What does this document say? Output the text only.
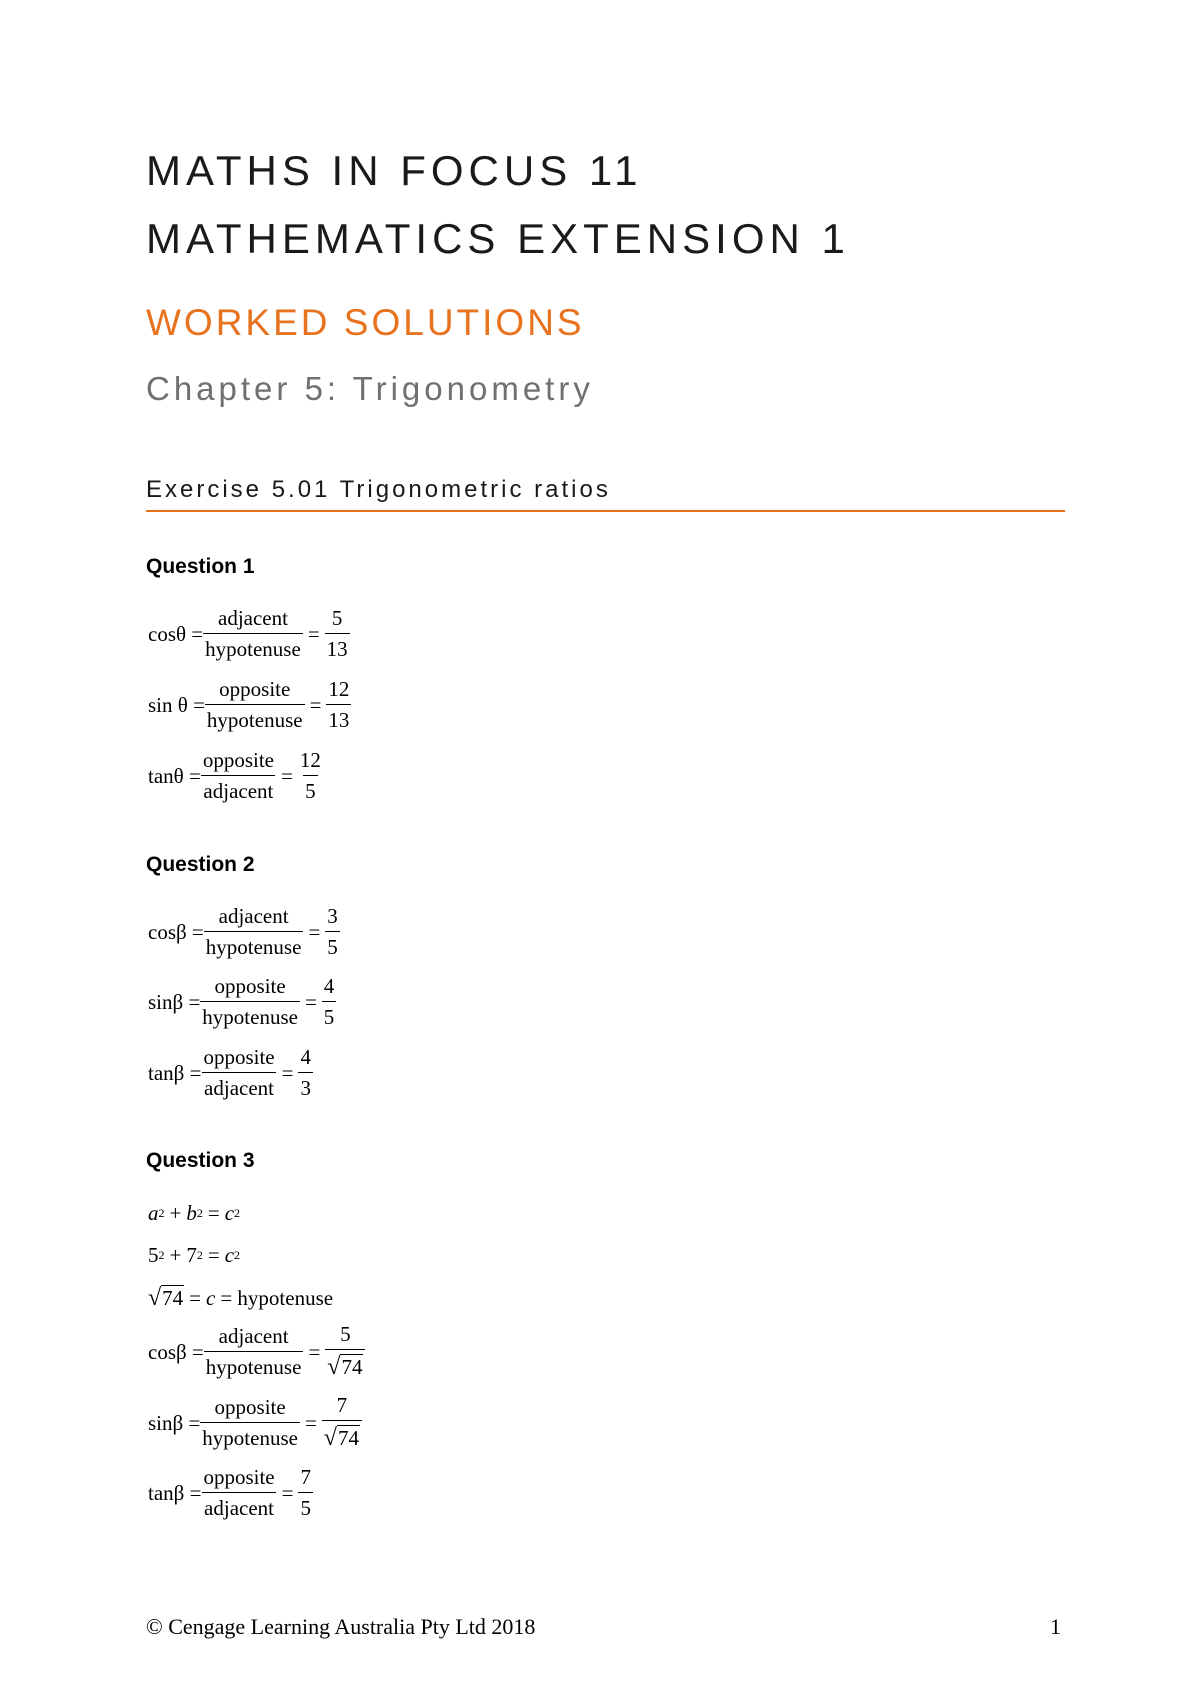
MATHS IN FOCUS 11
MATHEMATICS EXTENSION 1
WORKED SOLUTIONS
Chapter 5: Trigonometry
Exercise 5.01 Trigonometric ratios
Question 1
$\cos\theta = \frac{\text{adjacent}}{\text{hypotenuse}} = \frac{5}{13}$
$\sin \theta = \frac{\text{opposite}}{\text{hypotenuse}} = \frac{12}{13}$
$\tan\theta = \frac{\text{opposite}}{\text{adjacent}} = \frac{12}{5}$
Question 2
$\cos\beta = \frac{\text{adjacent}}{\text{hypotenuse}} = \frac{3}{5}$
$\sin\beta = \frac{\text{opposite}}{\text{hypotenuse}} = \frac{4}{5}$
$\tan\beta = \frac{\text{opposite}}{\text{adjacent}} = \frac{4}{3}$
Question 3
a 2 + b 2 = c 2
5 2 + 7 2 = c 2
√74 = c = hypotenuse
$\cos\beta = \frac{\text{adjacent}}{\text{hypotenuse}} = \frac{5}{√74}$
$\sin\beta = \frac{\text{opposite}}{\text{hypotenuse}} = \frac{7}{√74}$
$\tan\beta = \frac{\text{opposite}}{\text{adjacent}} = \frac{7}{5}$
© Cengage Learning Australia Pty Ltd 2018	1
